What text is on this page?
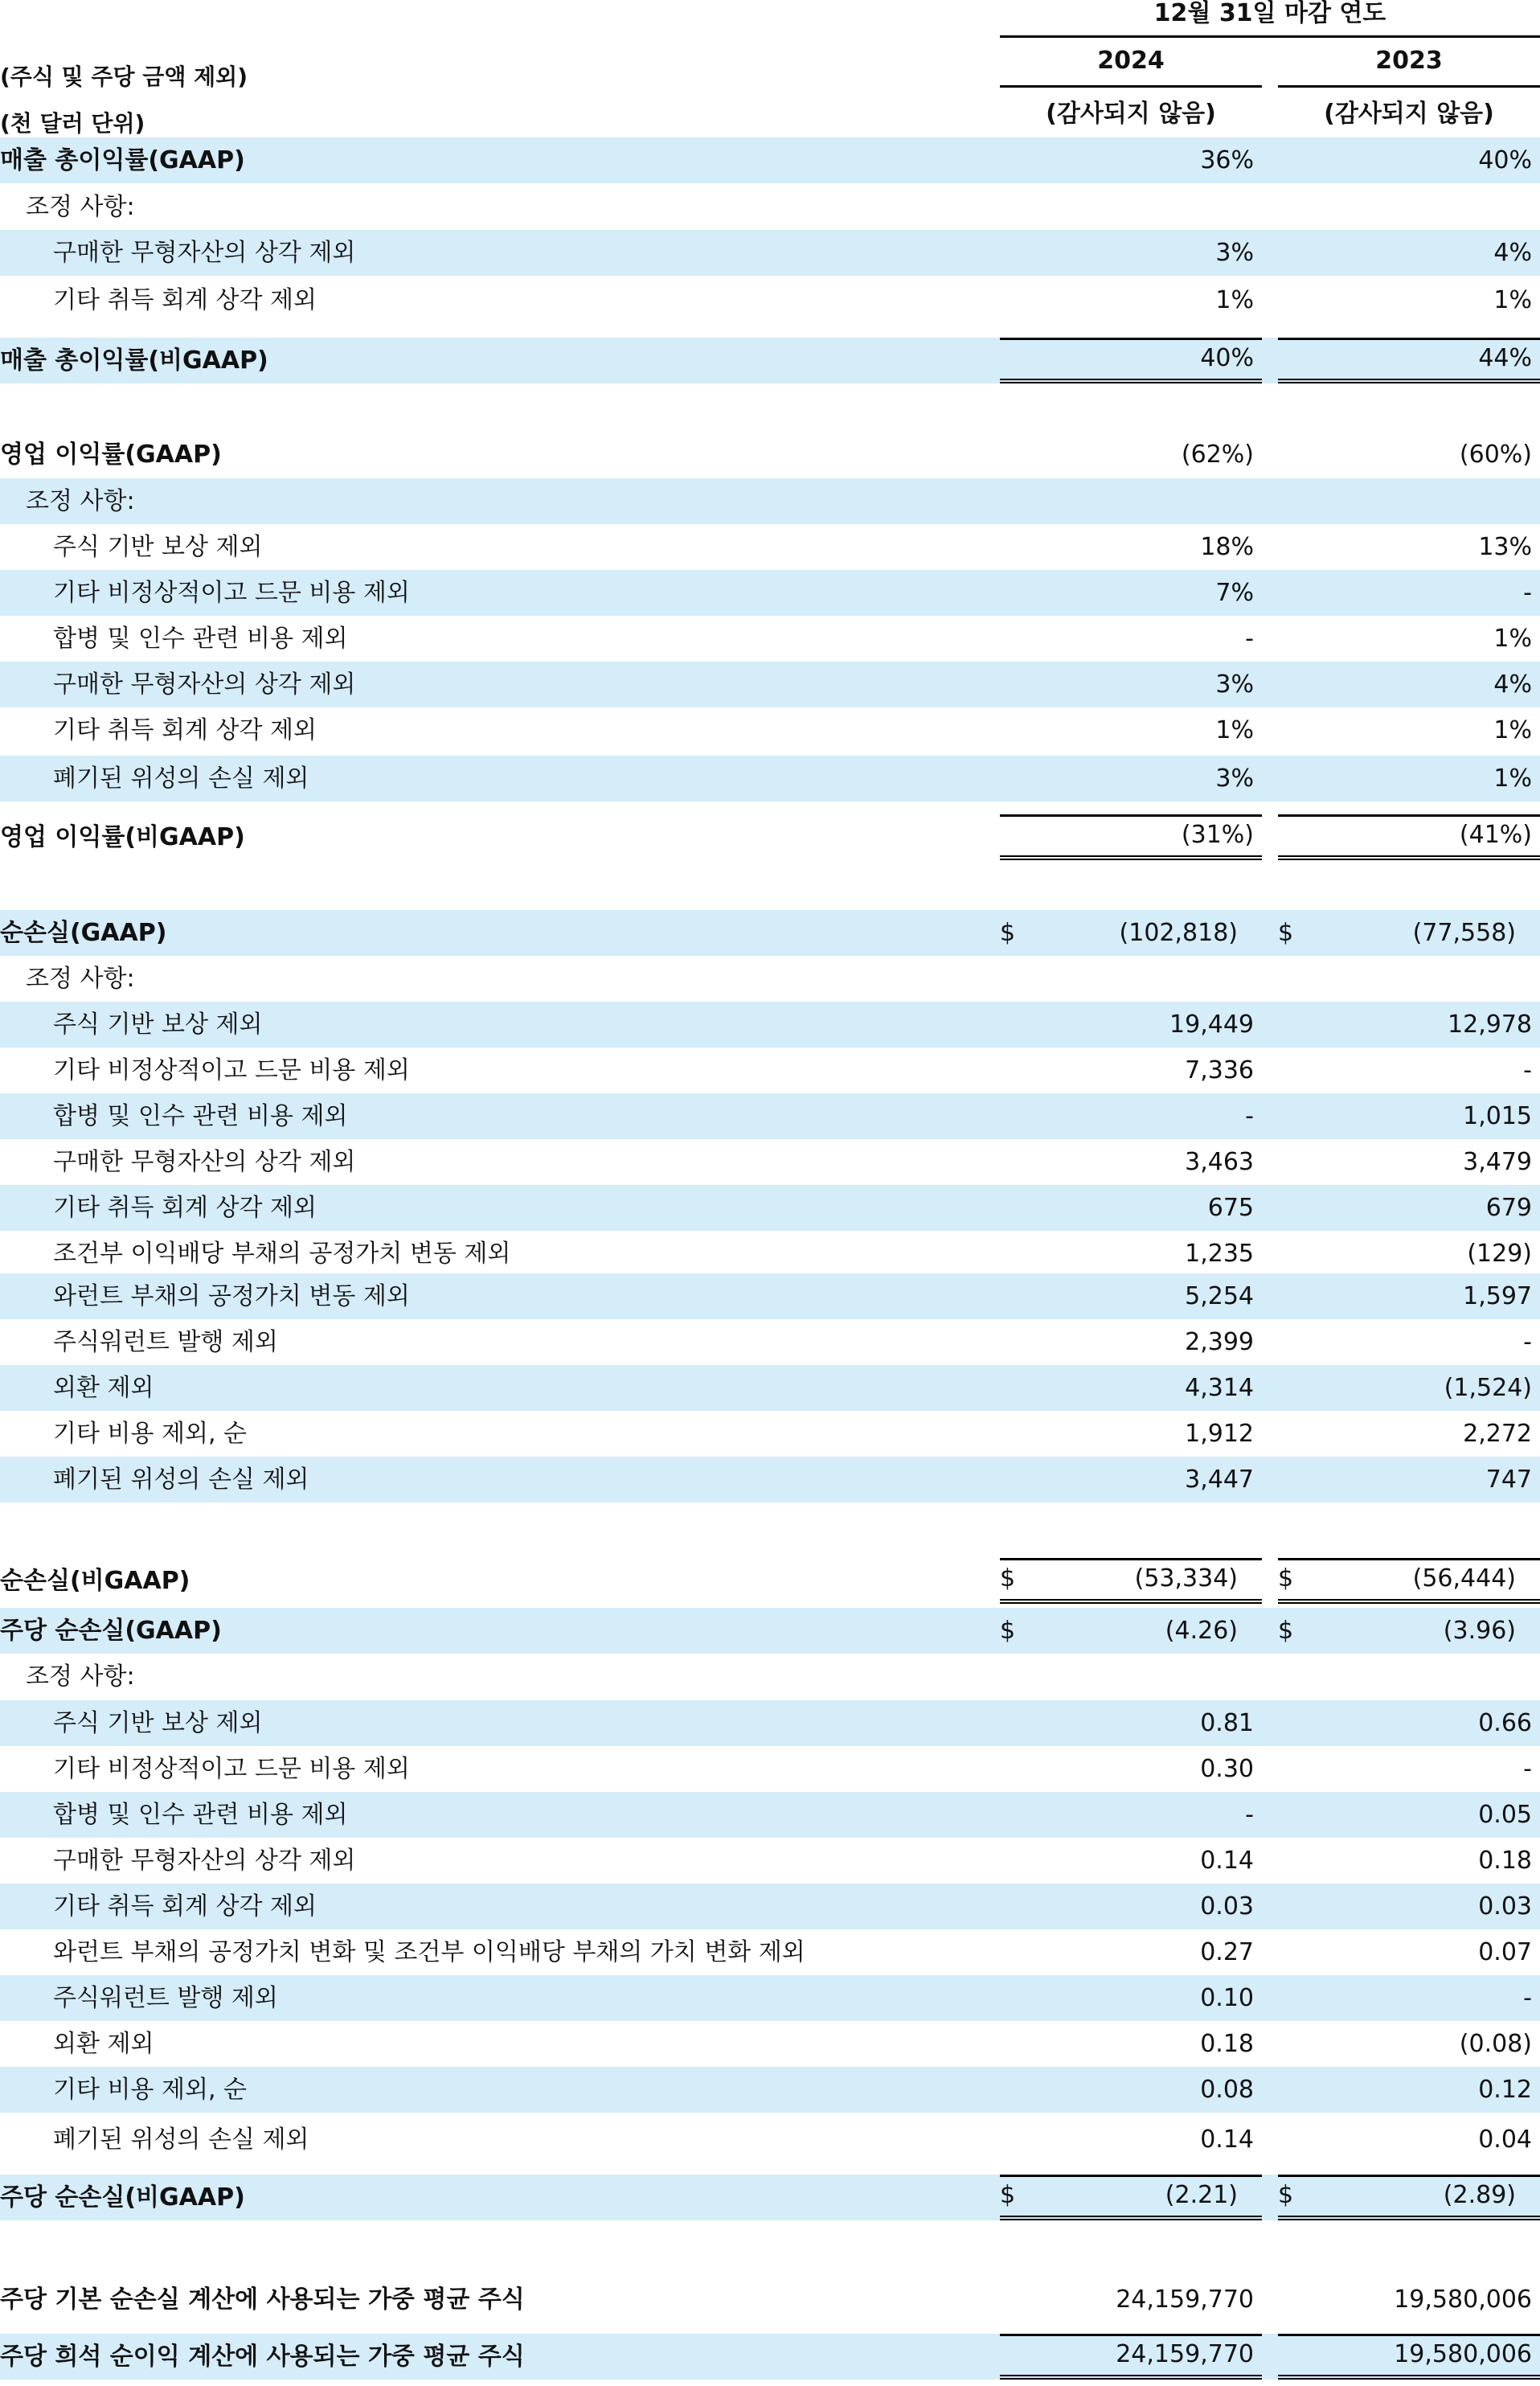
12월 31일 마감 연도
2024	2023
(감사되지 않음)	(감사되지 않음)
(주식 및 주당 금액 제외)
(천 달러 단위)
매출 총이익률(GAAP)	36%	40%
조정 사항:
구매한 무형자산의 상각 제외	3%	4%
기타 취득 회계 상각 제외	1%	1%
매출 총이익률(비GAAP)	40%	44%
영업 이익률(GAAP)	(62%)	(60%)
조정 사항:
주식 기반 보상 제외	18%	13%
기타 비정상적이고 드문 비용 제외	7%	-
합병 및 인수 관련 비용 제외	-	1%
구매한 무형자산의 상각 제외	3%	4%
기타 취득 회계 상각 제외	1%	1%
폐기된 위성의 손실 제외	3%	1%
영업 이익률(비GAAP)	(31%)	(41%)
순손실(GAAP)	$	(102,818) $	(77,558)
조정 사항:
주식 기반 보상 제외	19,449	12,978
기타 비정상적이고 드문 비용 제외	7,336	-
합병 및 인수 관련 비용 제외	-	1,015
구매한 무형자산의 상각 제외	3,463	3,479
기타 취득 회계 상각 제외	675	679
조건부 이익배당 부채의 공정가치 변동 제외	1,235	(129)
와런트 부채의 공정가치 변동 제외	5,254	1,597
주식워런트 발행 제외	2,399	-
외환 제외	4,314	(1,524)
기타 비용 제외, 순	1,912	2,272
폐기된 위성의 손실 제외	3,447	747
순손실(비GAAP)	$	(53,334) $	(56,444)
주당 순손실(GAAP)	$	(4.26) $	(3.96)
조정 사항:
주식 기반 보상 제외	0.81	0.66
기타 비정상적이고 드문 비용 제외	0.30	-
합병 및 인수 관련 비용 제외	-	0.05
구매한 무형자산의 상각 제외	0.14	0.18
기타 취득 회계 상각 제외	0.03	0.03
와런트 부채의 공정가치 변화 및 조건부 이익배당 부채의 가치 변화 제외	0.27	0.07
주식워런트 발행 제외	0.10	-
외환 제외	0.18	(0.08)
기타 비용 제외, 순	0.08	0.12
폐기된 위성의 손실 제외	0.14	0.04
주당 순손실(비GAAP)	$	(2.21) $	(2.89)
주당 기본 순손실 계산에 사용되는 가중 평균 주식	24,159,770	19,580,006
주당 희석 순이익 계산에 사용되는 가중 평균 주식	24,159,770	19,580,006
